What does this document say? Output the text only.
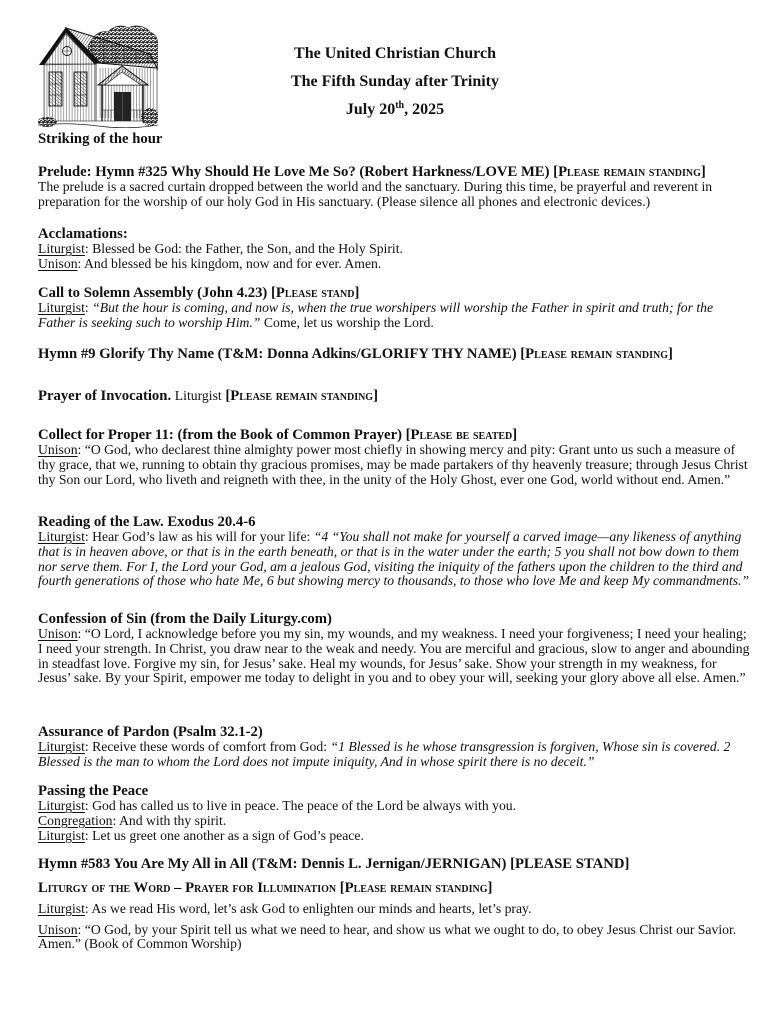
The United Christian Church
The Fifth Sunday after Trinity
July 20th, 2025
Striking of the hour
Prelude: Hymn #325 Why Should He Love Me So? (Robert Harkness/LOVE ME) [Please remain standing]

The prelude is a sacred curtain dropped between the world and the sanctuary. During this time, be prayerful and reverent in preparation for the worship of our holy God in His sanctuary. (Please silence all phones and electronic devices.)

Acclamations:

Liturgist: Blessed be God: the Father, the Son, and the Holy Spirit.

Unison: And blessed be his kingdom, now and for ever. Amen.

Call to Solemn Assembly (John 4.23) [Please stand]

Liturgist: “But the hour is coming, and now is, when the true worshipers will worship the Father in spirit and truth; for the Father is seeking such to worship Him.” Come, let us worship the Lord.

Hymn #9 Glorify Thy Name (T&M: Donna Adkins/GLORIFY THY NAME) [Please remain standing]
Prayer of Invocation. Liturgist [Please remain standing]
Collect for Proper 11: (from the Book of Common Prayer) [Please be seated]

Unison: “O God, who declarest thine almighty power most chiefly in showing mercy and pity: Grant unto us such a measure of thy grace, that we, running to obtain thy gracious promises, may be made partakers of thy heavenly treasure; through Jesus Christ thy Son our Lord, who liveth and reigneth with thee, in the unity of the Holy Ghost, ever one God, world without end. Amen.”

Reading of the Law. Exodus 20.4-6

Liturgist: Hear God’s law as his will for your life: “4 “You shall not make for yourself a carved image—any likeness of anything that is in heaven above, or that is in the earth beneath, or that is in the water under the earth; 5 you shall not bow down to them nor serve them. For I, the Lord your God, am a jealous God, visiting the iniquity of the fathers upon the children to the third and fourth generations of those who hate Me, 6 but showing mercy to thousands, to those who love Me and keep My commandments.”

Confession of Sin (from the Daily Liturgy.com)

Unison: “O Lord, I acknowledge before you my sin, my wounds, and my weakness. I need your forgiveness; I need your healing; I need your strength. In Christ, you draw near to the weak and needy. You are merciful and gracious, slow to anger and abounding in steadfast love. Forgive my sin, for Jesus’ sake. Heal my wounds, for Jesus’ sake. Show your strength in my weakness, for Jesus’ sake. By your Spirit, empower me today to delight in you and to obey your will, seeking your glory above all else. Amen.”

Assurance of Pardon (Psalm 32.1-2)

Liturgist: Receive these words of comfort from God: “1 Blessed is he whose transgression is forgiven, Whose sin is covered. 2 Blessed is the man to whom the Lord does not impute iniquity, And in whose spirit there is no deceit.”

Passing the Peace

Liturgist: God has called us to live in peace. The peace of the Lord be always with you.

Congregation: And with thy spirit.

Liturgist: Let us greet one another as a sign of God’s peace.

Hymn #583 You Are My All in All (T&M: Dennis L. Jernigan/JERNIGAN) [PLEASE STAND]
Liturgy of the Word – Prayer for Illumination [Please remain standing]

Liturgist: As we read His word, let’s ask God to enlighten our minds and hearts, let’s pray.

Unison: “O God, by your Spirit tell us what we need to hear, and show us what we ought to do, to obey Jesus Christ our Savior. Amen.” (Book of Common Worship)
